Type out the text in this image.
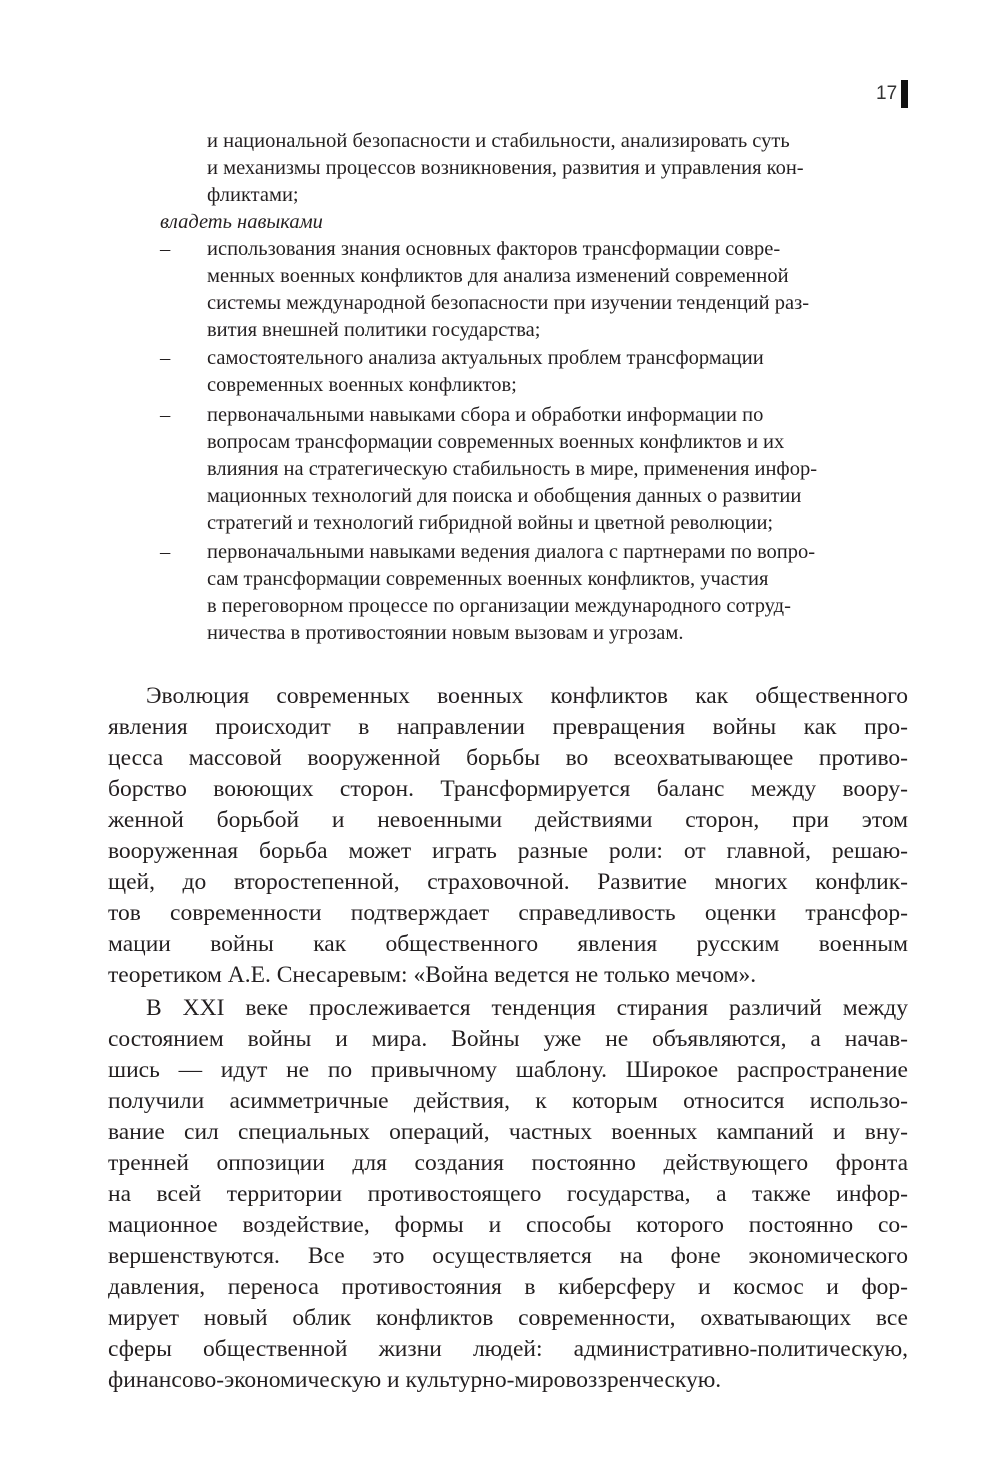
17
и национальной безопасности и стабильности, анализировать суть
и механизмы процессов возникновения, развития и управления кон-
фликтами;
владеть навыками
– использования знания основных факторов трансформации совре-
менных военных конфликтов для анализа изменений современной
системы международной безопасности при изучении тенденций раз-
вития внешней политики государства;
– самостоятельного анализа актуальных проблем трансформации
современных военных конфликтов;
– первоначальными навыками сбора и обработки информации по
вопросам трансформации современных военных конфликтов и их
влияния на стратегическую стабильность в мире, применения инфор-
мационных технологий для поиска и обобщения данных о развитии
стратегий и технологий гибридной войны и цветной революции;
– первоначальными навыками ведения диалога с партнерами по вопро-
сам трансформации современных военных конфликтов, участия
в переговорном процессе по организации международного сотруд-
ничества в противостоянии новым вызовам и угрозам.
Эволюция современных военных конфликтов как общественного
явления происходит в направлении превращения войны как про-
цесса массовой вооруженной борьбы во всеохватывающее противо-
борство воюющих сторон. Трансформируется баланс между воору-
женной борьбой и невоенными действиями сторон, при этом
вооруженная борьба может играть разные роли: от главной, решаю-
щей, до второстепенной, страховочной. Развитие многих конфлик-
тов современности подтверждает справедливость оценки трансфор-
мации войны как общественного явления русским военным
теоретиком А.Е. Снесаревым: «Война ведется не только мечом».
В XXI веке прослеживается тенденция стирания различий между
состоянием войны и мира. Войны уже не объявляются, а начав-
шись — идут не по привычному шаблону. Широкое распространение
получили асимметричные действия, к которым относится использо-
вание сил специальных операций, частных военных кампаний и вну-
тренней оппозиции для создания постоянно действующего фронта
на всей территории противостоящего государства, а также инфор-
мационное воздействие, формы и способы которого постоянно со-
вершенствуются. Все это осуществляется на фоне экономического
давления, переноса противостояния в киберсферу и космос и фор-
мирует новый облик конфликтов современности, охватывающих все
сферы общественной жизни людей: административно-политическую,
финансово-экономическую и культурно-мировоззренческую.
